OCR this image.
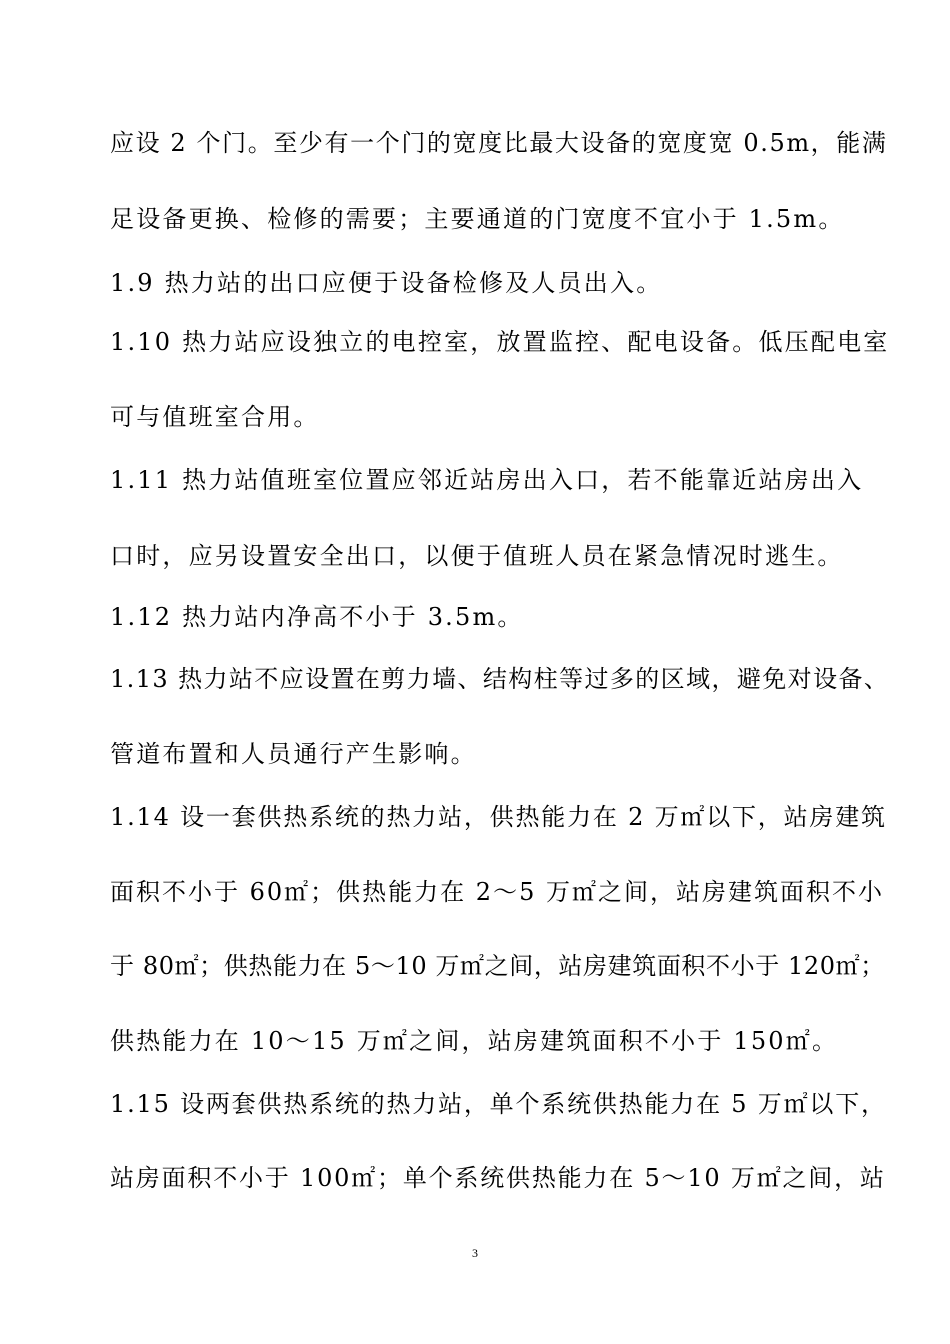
应设 2 个门。至少有一个门的宽度比最大设备的宽度宽 0.5m，能满
足设备更换、检修的需要；主要通道的门宽度不宜小于 1.5m。
1.9 热力站的出口应便于设备检修及人员出入。
1.10 热力站应设独立的电控室，放置监控、配电设备。低压配电室
可与值班室合用。
1.11 热力站值班室位置应邻近站房出入口，若不能靠近站房出入
口时，应另设置安全出口，以便于值班人员在紧急情况时逃生。
1.12 热力站内净高不小于 3.5m。
1.13 热力站不应设置在剪力墙、结构柱等过多的区域，避免对设备、
管道布置和人员通行产生影响。
1.14 设一套供热系统的热力站，供热能力在 2 万㎡以下，站房建筑
面积不小于 60㎡；供热能力在 2～5 万㎡之间，站房建筑面积不小
于 80㎡；供热能力在 5～10 万㎡之间，站房建筑面积不小于 120㎡；
供热能力在 10～15 万㎡之间，站房建筑面积不小于 150㎡。
1.15 设两套供热系统的热力站，单个系统供热能力在 5 万㎡以下，
站房面积不小于 100㎡；单个系统供热能力在 5～10 万㎡之间，站
3
